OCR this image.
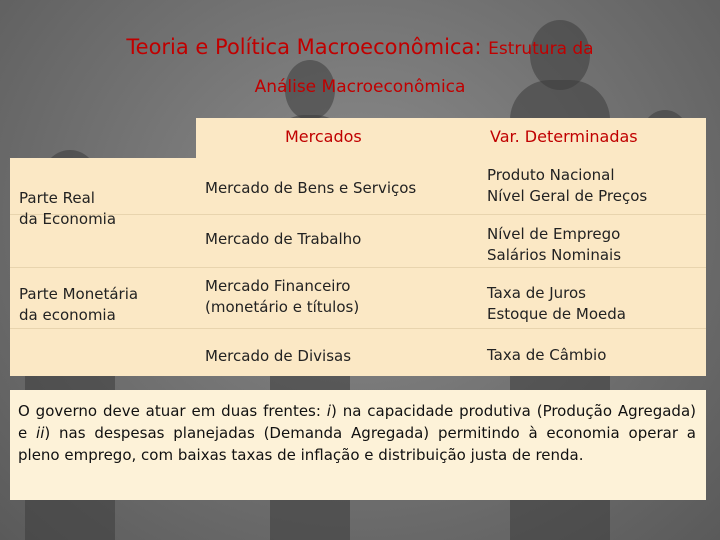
Teoria e Política Macroeconômica: Estrutura da
Análise Macroeconômica
Mercados	Var. Determinadas
Parte Real
da Economia
Parte Monetária
da economia
Mercado de Bens e Serviços
Mercado de Trabalho
Mercado Financeiro
(monetário e títulos)
Mercado de Divisas
Produto Nacional
Nível Geral de Preços
Nível de Emprego
Salários Nominais
Taxa de Juros
Estoque de Moeda
Taxa de Câmbio
O governo deve atuar em duas frentes: i) na capacidade produtiva (Produção Agregada) e ii) nas despesas planejadas (Demanda Agregada) permitindo à economia operar a pleno emprego, com baixas taxas de inflação e distribuição justa de renda.
